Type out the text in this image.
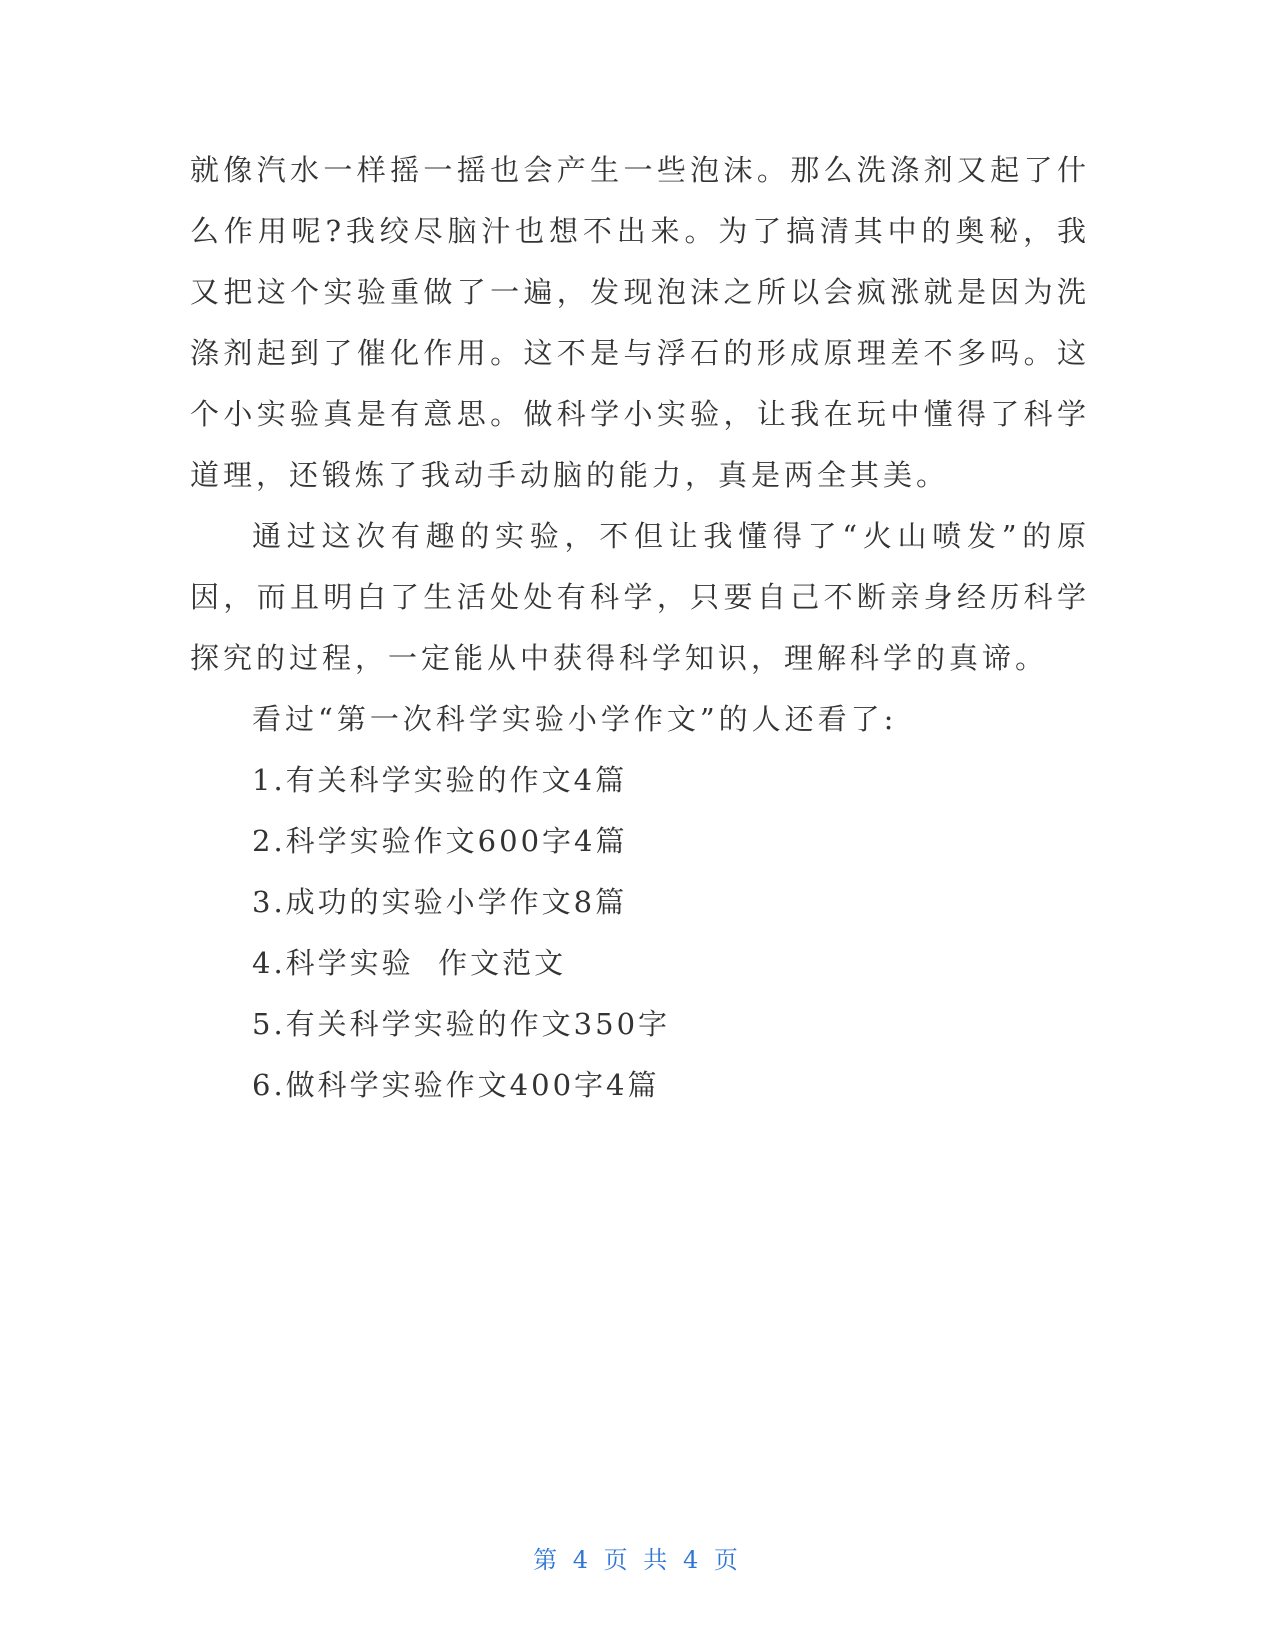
就像汽水一样摇一摇也会产生一些泡沫。那么洗涤剂又起了什么作用呢?我绞尽脑汁也想不出来。为了搞清其中的奥秘，我又把这个实验重做了一遍，发现泡沫之所以会疯涨就是因为洗涤剂起到了催化作用。这不是与浮石的形成原理差不多吗。这个小实验真是有意思。做科学小实验，让我在玩中懂得了科学道理，还锻炼了我动手动脑的能力，真是两全其美。

通过这次有趣的实验，不但让我懂得了“火山喷发”的原因，而且明白了生活处处有科学，只要自己不断亲身经历科学探究的过程，一定能从中获得科学知识，理解科学的真谛。

看过“第一次科学实验小学作文”的人还看了:

1.有关科学实验的作文4篇
2.科学实验作文600字4篇
3.成功的实验小学作文8篇
4.科学实验  作文范文
5.有关科学实验的作文350字
6.做科学实验作文400字4篇
第 4 页 共 4 页
